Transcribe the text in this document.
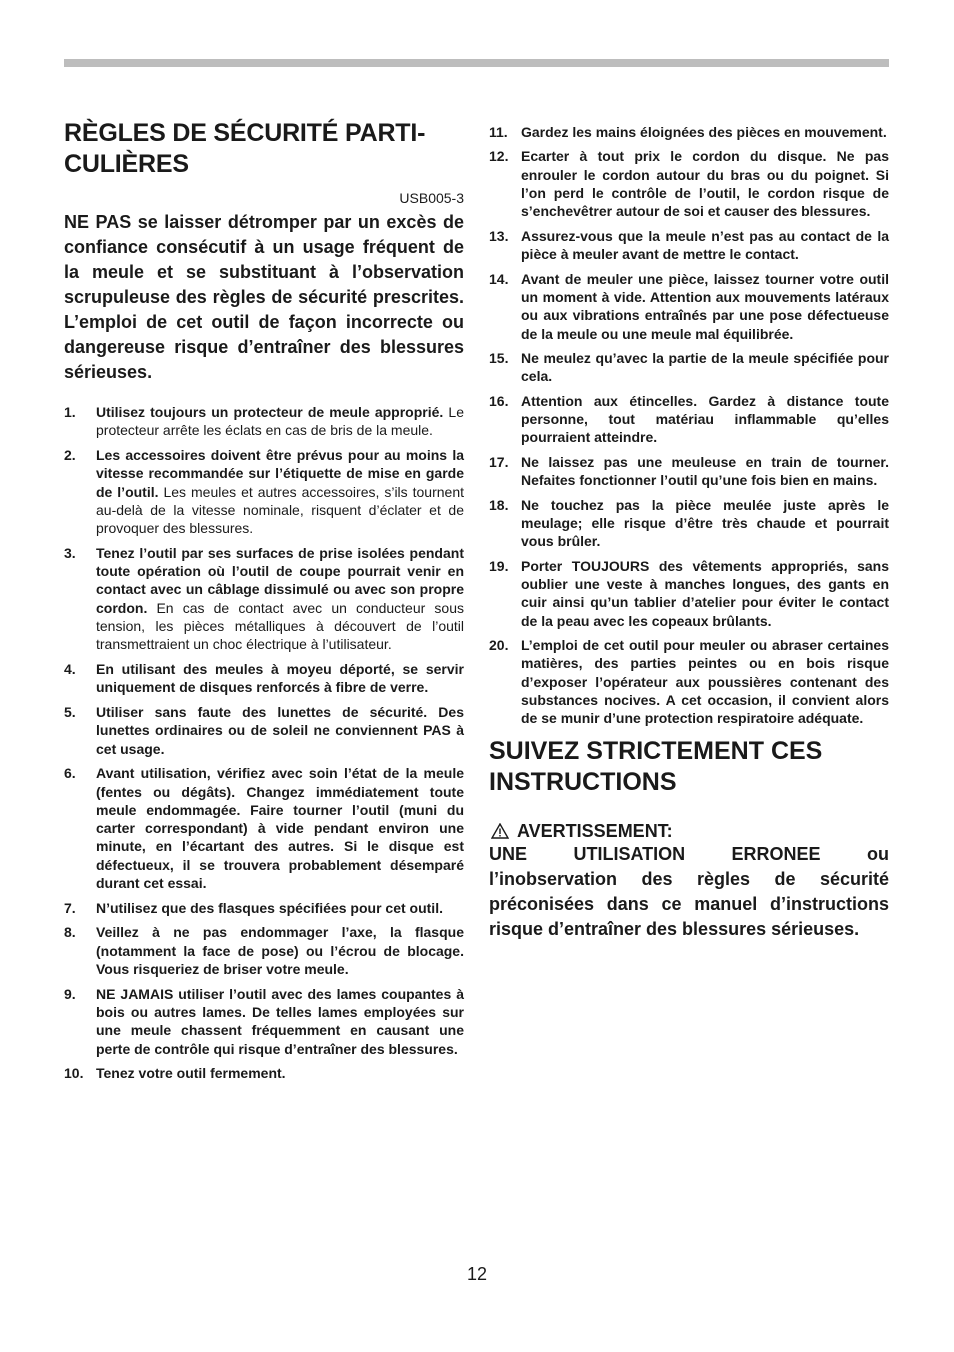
RÈGLES DE SÉCURITÉ PARTI-
CULIÈRES
USB005-3
NE PAS se laisser détromper par un excès de confiance consécutif à un usage fréquent de la meule et se substituant à l’observation scrupuleuse des règles de sécurité prescrites. L’emploi de cet outil de façon incorrecte ou dangereuse risque d’entraîner des blessures sérieuses.
1.	Utilisez toujours un protecteur de meule approprié. Le protecteur arrête les éclats en cas de bris de la meule.
2.	Les accessoires doivent être prévus pour au moins la vitesse recommandée sur l’étiquette de mise en garde de l’outil. Les meules et autres accessoires, s’ils tournent au-delà de la vitesse nominale, risquent d’éclater et de provoquer des blessures.
3.	Tenez l’outil par ses surfaces de prise isolées pendant toute opération où l’outil de coupe pourrait venir en contact avec un câblage dissimulé ou avec son propre cordon. En cas de contact avec un conducteur sous tension, les pièces métalliques à découvert de l’outil transmettraient un choc électrique à l’utilisateur.
4.	En utilisant des meules à moyeu déporté, se servir uniquement de disques renforcés à fibre de verre.
5.	Utiliser sans faute des lunettes de sécurité. Des lunettes ordinaires ou de soleil ne conviennent PAS à cet usage.
6.	Avant utilisation, vérifiez avec soin l’état de la meule (fentes ou dégâts). Changez immédiatement toute meule endommagée. Faire tourner l’outil (muni du carter correspondant) à vide pendant environ une minute, en l’écartant des autres. Si le disque est défectueux, il se trouvera probablement désemparé durant cet essai.
7.	N’utilisez que des flasques spécifiées pour cet outil.
8.	Veillez à ne pas endommager l’axe, la flasque (notamment la face de pose) ou l’écrou de blocage. Vous risqueriez de briser votre meule.
9.	NE JAMAIS utiliser l’outil avec des lames coupantes à bois ou autres lames. De telles lames employées sur une meule chassent fréquemment en causant une perte de contrôle qui risque d’entraîner des blessures.
10. Tenez votre outil fermement.
11. Gardez les mains éloignées des pièces en mouvement.
12. Ecarter à tout prix le cordon du disque. Ne pas enrouler le cordon autour du bras ou du poignet. Si l’on perd le contrôle de l’outil, le cordon risque de s’enchevêtrer autour de soi et causer des blessures.
13. Assurez-vous que la meule n’est pas au contact de la pièce à meuler avant de mettre le contact.
14. Avant de meuler une pièce, laissez tourner votre outil un moment à vide. Attention aux mouvements latéraux ou aux vibrations entraînés par une pose défectueuse de la meule ou une meule mal équilibrée.
15. Ne meulez qu’avec la partie de la meule spécifiée pour cela.
16. Attention aux étincelles. Gardez à distance toute personne, tout matériau inflammable qu’elles pourraient atteindre.
17. Ne laissez pas une meuleuse en train de tourner. Nefaites fonctionner l’outil qu’une fois bien en mains.
18. Ne touchez pas la pièce meulée juste après le meulage; elle risque d’être très chaude et pourrait vous brûler.
19. Porter TOUJOURS des vêtements appropriés, sans oublier une veste à manches longues, des gants en cuir ainsi qu’un tablier d’atelier pour éviter le contact de la peau avec les copeaux brûlants.
20. L’emploi de cet outil pour meuler ou abraser certaines matières, des parties peintes ou en bois risque d’exposer l’opérateur aux poussières contenant des substances nocives. A cet occasion, il convient alors de se munir d’une protection respiratoire adéquate.
SUIVEZ STRICTEMENT CES INSTRUCTIONS
AVERTISSEMENT:
UNE UTILISATION ERRONEE ou l’inobservation des règles de sécurité préconisées dans ce manuel d’instructions risque d’entraîner des blessures sérieuses.
12
